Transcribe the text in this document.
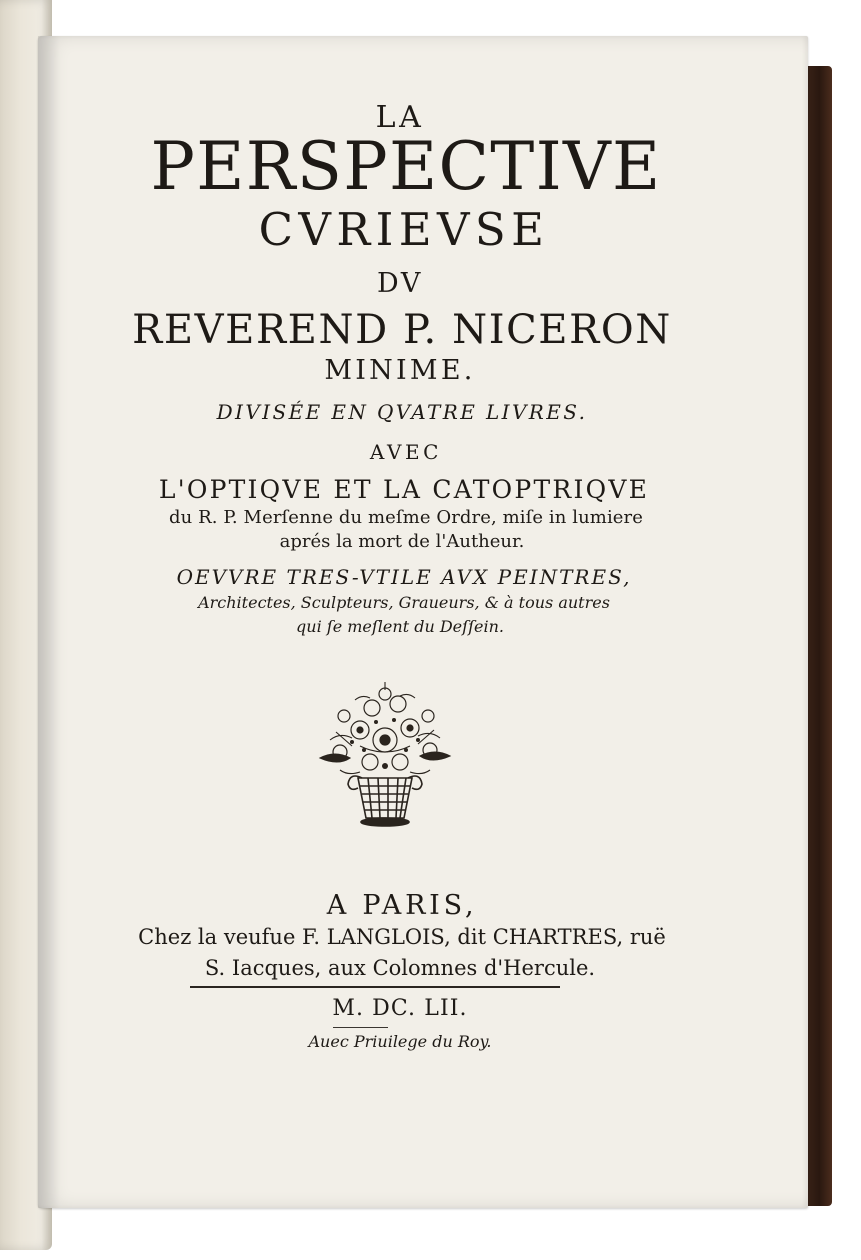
LA

PERSPECTIVE

CVRIEVSE

DV

REVEREND P. NICERON

MINIME.

DIVISÉE EN QVATRE LIVRES.

AVEC

L'OPTIQVE ET LA CATOPTRIQVE

du R. P. Merſenne du meſme Ordre, miſe in lumiere

aprés la mort de l'Autheur.

OEVVRE TRES-VTILE AVX PEINTRES,

Architectes, Sculpteurs, Graueurs, & à tous autres

qui ſe meſlent du Deſſein.

A PARIS,

Chez la veufue F. LANGLOIS, dit CHARTRES, ruë

S. Iacques, aux Colomnes d'Hercule.

M. DC. LII.

Auec Priuilege du Roy.
